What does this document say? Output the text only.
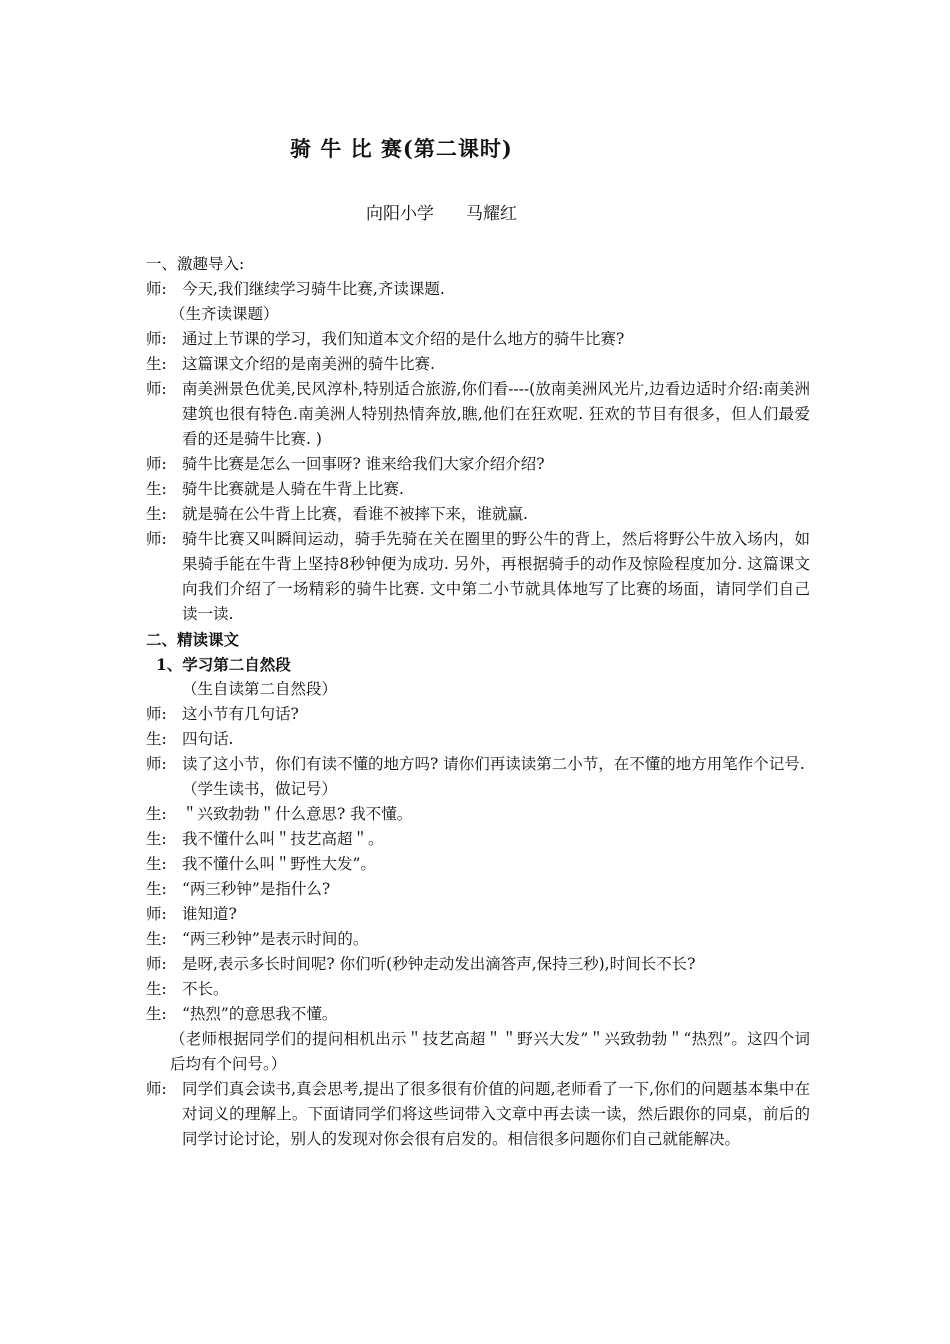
骑 牛 比 赛(第二课时)
向阳小学 马耀红
一、激趣导入:
师: 今天,我们继续学习骑牛比赛,齐读课题.
（生齐读课题）
师: 通过上节课的学习，我们知道本文介绍的是什么地方的骑牛比赛?
生: 这篇课文介绍的是南美洲的骑牛比赛.
师: 南美洲景色优美,民风淳朴,特别适合旅游,你们看----(放南美洲风光片,边看边适时介绍:南美洲建筑也很有特色.南美洲人特别热情奔放,瞧,他们在狂欢呢. 狂欢的节目有很多，但人们最爱看的还是骑牛比赛. )
师: 骑牛比赛是怎么一回事呀? 谁来给我们大家介绍介绍?
生: 骑牛比赛就是人骑在牛背上比赛.
生: 就是骑在公牛背上比赛，看谁不被摔下来，谁就赢.
师: 骑牛比赛又叫瞬间运动，骑手先骑在关在圈里的野公牛的背上，然后将野公牛放入场内，如果骑手能在牛背上坚持8秒钟便为成功. 另外，再根据骑手的动作及惊险程度加分. 这篇课文向我们介绍了一场精彩的骑牛比赛. 文中第二小节就具体地写了比赛的场面，请同学们自己读一读.
二、精读课文
1、学习第二自然段
（生自读第二自然段）
师: 这小节有几句话?
生: 四句话.
师: 读了这小节，你们有读不懂的地方吗? 请你们再读读第二小节，在不懂的地方用笔作个记号.
（学生读书，做记号）
生: ＂兴致勃勃＂什么意思? 我不懂。
生: 我不懂什么叫＂技艺高超＂。
生: 我不懂什么叫＂野性大发”。
生: “两三秒钟”是指什么?
师: 谁知道?
生: “两三秒钟”是表示时间的。
师: 是呀,表示多长时间呢? 你们听(秒钟走动发出滴答声,保持三秒),时间长不长?
生: 不长。
生: “热烈”的意思我不懂。
（老师根据同学们的提问相机出示＂技艺高超＂＂野兴大发”＂兴致勃勃＂“热烈”。这四个词后均有个问号。）
师: 同学们真会读书,真会思考,提出了很多很有价值的问题,老师看了一下,你们的问题基本集中在对词义的理解上。下面请同学们将这些词带入文章中再去读一读，然后跟你的同桌，前后的同学讨论讨论，别人的发现对你会很有启发的。相信很多问题你们自己就能解决。
